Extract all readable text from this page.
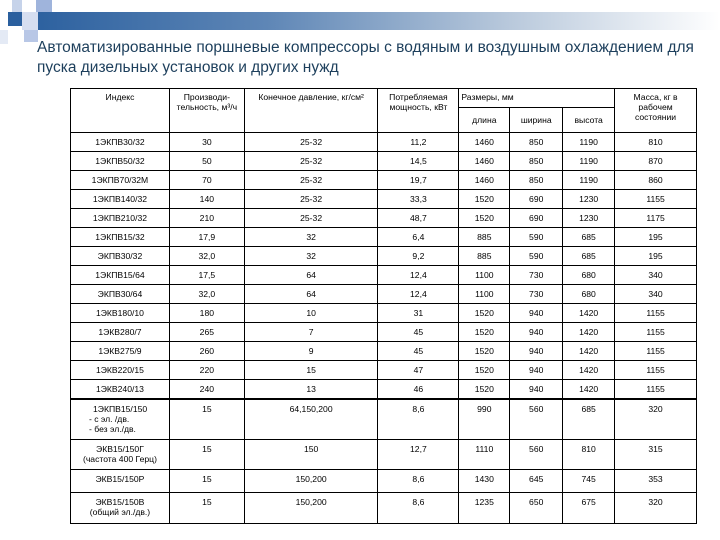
Автоматизированные поршневые компрессоры с водяным и воздушным охлаждением для пуска дизельных установок и других нужд
Индекс	Производи-тельность, м³/ч	Конечное давление, кг/см²	Потребляемая мощность, кВт	Размеры, мм			Масса, кг в рабочем состоянии
				длина	ширина	высота	
1ЭКПВ30/32	30	25-32	11,2	1460	850	1190	810
1ЭКПВ50/32	50	25-32	14,5	1460	850	1190	870
1ЭКПВ70/32М	70	25-32	19,7	1460	850	1190	860
1ЭКПВ140/32	140	25-32	33,3	1520	690	1230	1155
1ЭКПВ210/32	210	25-32	48,7	1520	690	1230	1175
1ЭКПВ15/32	17,9	32	6,4	885	590	685	195
ЭКПВ30/32	32,0	32	9,2	885	590	685	195
1ЭКПВ15/64	17,5	64	12,4	1100	730	680	340
ЭКПВ30/64	32,0	64	12,4	1100	730	680	340
1ЭКВ180/10	180	10	31	1520	940	1420	1155
1ЭКВ280/7	265	7	45	1520	940	1420	1155
1ЭКВ275/9	260	9	45	1520	940	1420	1155
1ЭКВ220/15	220	15	47	1520	940	1420	1155
1ЭКВ240/13	240	13	46	1520	940	1420	1155

1ЭКПВ15/150
- с эл. /дв.
- без эл./дв.	15	64,150,200	8,6	990	560	685	320

ЭКВ15/150Г
(частота 400 Герц)	15	150	12,7	1110	560	810	315

ЭКВ15/150Р	15	150,200	8,6	1430	645	745	353

ЭКВ15/150В
(общий эл./дв.)	15	150,200	8,6	1235	650	675	320
